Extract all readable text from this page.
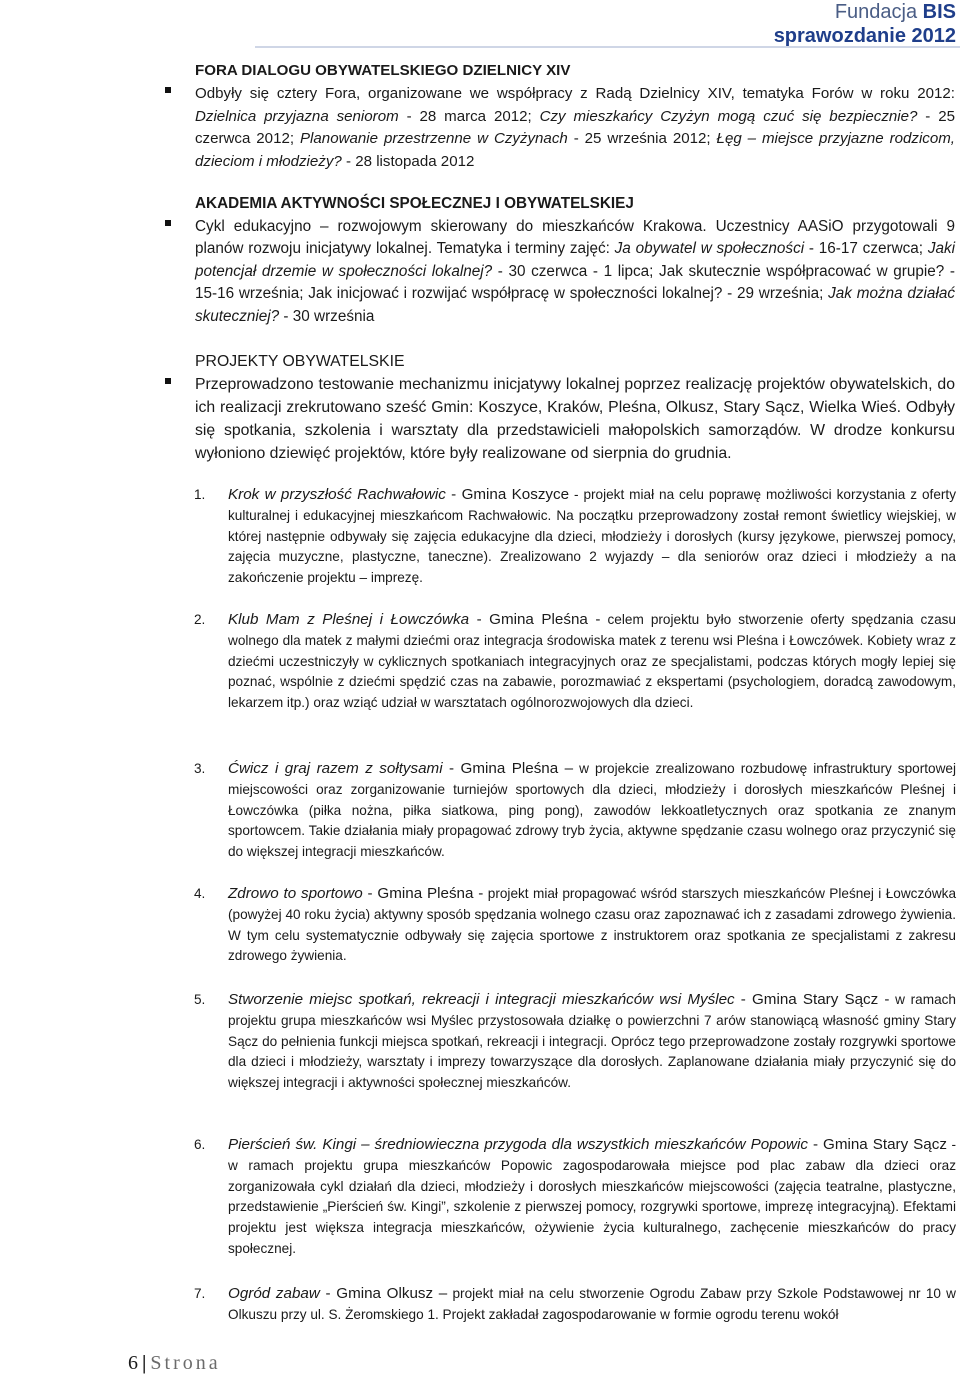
Fundacja BIS
sprawozdanie 2012
FORA DIALOGU OBYWATELSKIEGO DZIELNICY XIV
Odbyły się cztery Fora, organizowane we współpracy z Radą Dzielnicy XIV, tematyka Forów w roku 2012: Dzielnica przyjazna seniorom - 28 marca 2012; Czy mieszkańcy Czyżyn mogą czuć się bezpiecznie? - 25 czerwca 2012; Planowanie przestrzenne w Czyżynach - 25 września 2012; Łęg – miejsce przyjazne rodzicom, dzieciom i młodzieży? - 28 listopada 2012
AKADEMIA AKTYWNOŚCI SPOŁECZNEJ I OBYWATELSKIEJ
Cykl edukacyjno – rozwojowym skierowany do mieszkańców Krakowa. Uczestnicy AASiO przygotowali 9 planów rozwoju inicjatywy lokalnej. Tematyka i terminy zajęć: Ja obywatel w społeczności - 16-17 czerwca; Jaki potencjał drzemie w społeczności lokalnej? - 30 czerwca - 1 lipca; Jak skutecznie współpracować w grupie? - 15-16 września; Jak inicjować i rozwijać współpracę w społeczności lokalnej? - 29 września; Jak można działać skuteczniej? - 30 września
PROJEKTY OBYWATELSKIE
Przeprowadzono testowanie mechanizmu inicjatywy lokalnej poprzez realizację projektów obywatelskich, do ich realizacji zrekrutowano sześć Gmin: Koszyce, Kraków, Pleśna, Olkusz, Stary Sącz, Wielka Wieś. Odbyły się spotkania, szkolenia i warsztaty dla przedstawicieli małopolskich samorządów. W drodze konkursu wyłoniono dziewięć projektów, które były realizowane od sierpnia do grudnia.
1. Krok w przyszłość Rachwałowic - Gmina Koszyce - projekt miał na celu poprawę możliwości korzystania z oferty kulturalnej i edukacyjnej mieszkańcom Rachwałowic. Na początku przeprowadzony został remont świetlicy wiejskiej, w której następnie odbywały się zajęcia edukacyjne dla dzieci, młodzieży i dorosłych (kursy językowe, pierwszej pomocy, zajęcia muzyczne, plastyczne, taneczne). Zrealizowano 2 wyjazdy – dla seniorów oraz dzieci i młodzieży a na zakończenie projektu – imprezę.
2. Klub Mam z Pleśnej i Łowczówka - Gmina Pleśna - celem projektu było stworzenie oferty spędzania czasu wolnego dla matek z małymi dziećmi oraz integracja środowiska matek z terenu wsi Pleśna i Łowczówek. Kobiety wraz z dziećmi uczestniczyły w cyklicznych spotkaniach integracyjnych oraz ze specjalistami, podczas których mogły lepiej się poznać, wspólnie z dziećmi spędzić czas na zabawie, porozmawiać z ekspertami (psychologiem, doradcą zawodowym, lekarzem itp.) oraz wziąć udział w warsztatach ogólnorozwojowych dla dzieci.
3. Ćwicz i graj razem z sołtysami - Gmina Pleśna – w projekcie zrealizowano rozbudowę infrastruktury sportowej miejscowości oraz zorganizowanie turniejów sportowych dla dzieci, młodzieży i dorosłych mieszkańców Pleśnej i Łowczówka (piłka nożna, piłka siatkowa, ping pong), zawodów lekkoatletycznych oraz spotkania ze znanym sportowcem. Takie działania miały propagować zdrowy tryb życia, aktywne spędzanie czasu wolnego oraz przyczynić się do większej integracji mieszkańców.
4. Zdrowo to sportowo - Gmina Pleśna - projekt miał propagować wśród starszych mieszkańców Pleśnej i Łowczówka (powyżej 40 roku życia) aktywny sposób spędzania wolnego czasu oraz zapoznawać ich z zasadami zdrowego żywienia. W tym celu systematycznie odbywały się zajęcia sportowe z instruktorem oraz spotkania ze specjalistami z zakresu zdrowego żywienia.
5. Stworzenie miejsc spotkań, rekreacji i integracji mieszkańców wsi Myślec - Gmina Stary Sącz - w ramach projektu grupa mieszkańców wsi Myślec przystosowała działkę o powierzchni 7 arów stanowiącą własność gminy Stary Sącz do pełnienia funkcji miejsca spotkań, rekreacji i integracji. Oprócz tego przeprowadzone zostały rozgrywki sportowe dla dzieci i młodzieży, warsztaty i imprezy towarzyszące dla dorosłych. Zaplanowane działania miały przyczynić się do większej integracji i aktywności społecznej mieszkańców.
6. Pierścień św. Kingi – średniowieczna przygoda dla wszystkich mieszkańców Popowic - Gmina Stary Sącz - w ramach projektu grupa mieszkańców Popowic zagospodarowała miejsce pod plac zabaw dla dzieci oraz zorganizowała cykl działań dla dzieci, młodzieży i dorosłych mieszkańców miejscowości (zajęcia teatralne, plastyczne, przedstawienie „Pierścień św. Kingi”, szkolenie z pierwszej pomocy, rozgrywki sportowe, imprezę integracyjną). Efektami projektu jest większa integracja mieszkańców, ożywienie życia kulturalnego, zachęcenie mieszkańców do pracy społecznej.
7. Ogród zabaw - Gmina Olkusz – projekt miał na celu stworzenie Ogrodu Zabaw przy Szkole Podstawowej nr 10 w Olkuszu przy ul. S. Żeromskiego 1. Projekt zakładał zagospodarowanie w formie ogrodu terenu wokół
6 | Strona
